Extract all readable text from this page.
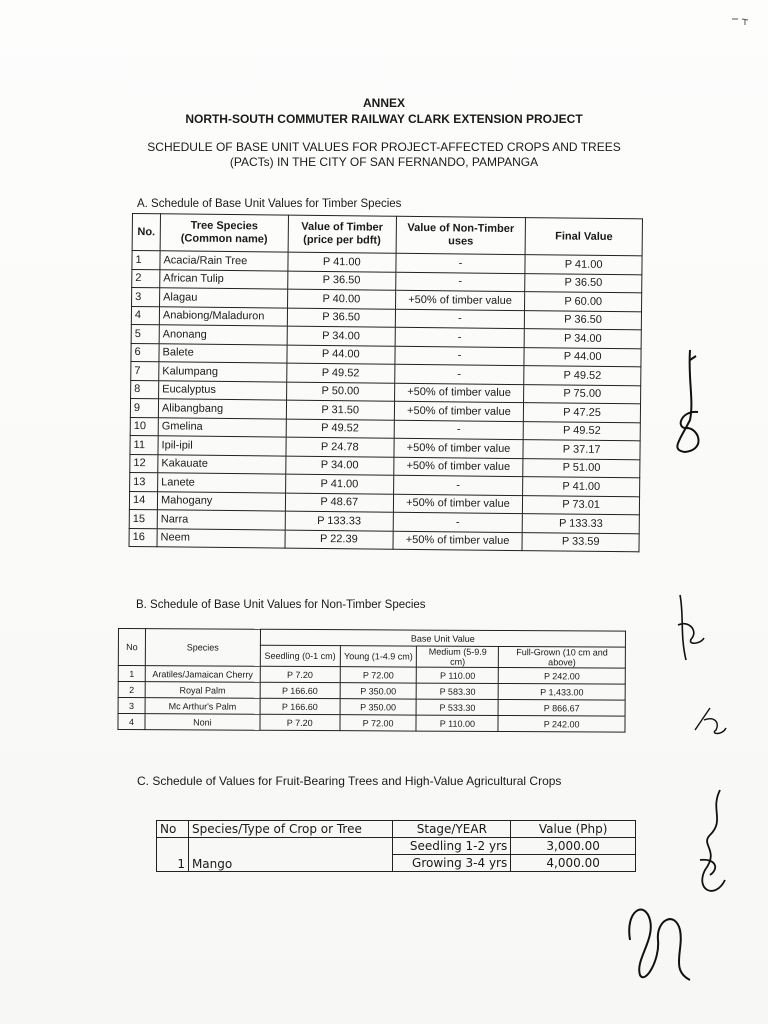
ANNEX
NORTH-SOUTH COMMUTER RAILWAY CLARK EXTENSION PROJECT
SCHEDULE OF BASE UNIT VALUES FOR PROJECT-AFFECTED CROPS AND TREES
(PACTs) IN THE CITY OF SAN FERNANDO, PAMPANGA
A. Schedule of Base Unit Values for Timber Species
No.	Tree Species (Common name)	Value of Timber (price per bdft)	Value of Non-Timber uses	Final Value
1	Acacia/Rain Tree	P 41.00	-	P 41.00
2	African Tulip	P 36.50	-	P 36.50
3	Alagau	P 40.00	+50% of timber value	P 60.00
4	Anabiong/Maladuron	P 36.50	-	P 36.50
5	Anonang	P 34.00	-	P 34.00
6	Balete	P 44.00	-	P 44.00
7	Kalumpang	P 49.52	-	P 49.52
8	Eucalyptus	P 50.00	+50% of timber value	P 75.00
9	Alibangbang	P 31.50	+50% of timber value	P 47.25
10	Gmelina	P 49.52	-	P 49.52
11	Ipil-ipil	P 24.78	+50% of timber value	P 37.17
12	Kakauate	P 34.00	+50% of timber value	P 51.00
13	Lanete	P 41.00	-	P 41.00
14	Mahogany	P 48.67	+50% of timber value	P 73.01
15	Narra	P 133.33	-	P 133.33
16	Neem	P 22.39	+50% of timber value	P 33.59
B. Schedule of Base Unit Values for Non-Timber Species
No	Species	Base Unit Value			
		Seedling (0-1 cm)	Young (1-4.9 cm)	Medium (5-9.9 cm)	Full-Grown (10 cm and above)
1	Aratiles/Jamaican Cherry	P 7.20	P 72.00	P 110.00	P 242.00
2	Royal Palm	P 166.60	P 350.00	P 583.30	P 1,433.00
3	Mc Arthur's Palm	P 166.60	P 350.00	P 533.30	P 866.67
4	Noni	P 7.20	P 72.00	P 110.00	P 242.00
C. Schedule of Values for Fruit-Bearing Trees and High-Value Agricultural Crops
No	Species/Type of Crop or Tree	Stage/YEAR	Value (Php)
1	Mango	Seedling 1-2 yrs	3,000.00
		Growing 3-4 yrs	4,000.00
